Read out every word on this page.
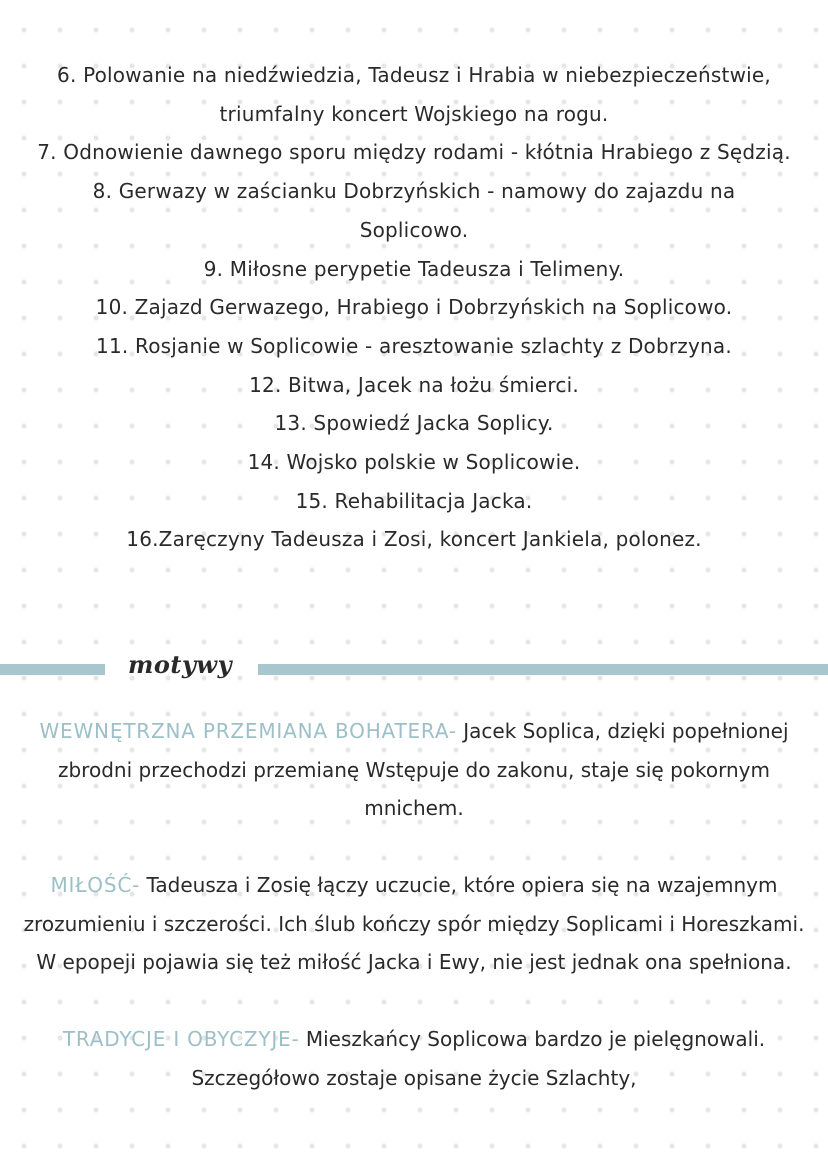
6. Polowanie na niedźwiedzia, Tadeusz i Hrabia w niebezpieczeństwie, triumfalny koncert Wojskiego na rogu.
7. Odnowienie dawnego sporu między rodami - kłótnia Hrabiego z Sędzią.
8. Gerwazy w zaścianku Dobrzyńskich - namowy do zajazdu na Soplicowo.
9. Miłosne perypetie Tadeusza i Telimeny.
10. Zajazd Gerwazego, Hrabiego i Dobrzyńskich na Soplicowo.
11. Rosjanie w Soplicowie - aresztowanie szlachty z Dobrzyna.
12. Bitwa, Jacek na łożu śmierci.
13. Spowiedź Jacka Soplicy.
14. Wojsko polskie w Soplicowie.
15. Rehabilitacja Jacka.
16.Zaręczyny Tadeusza i Zosi, koncert Jankiela, polonez.
motywy

WEWNĘTRZNA PRZEMIANA BOHATERA- Jacek Soplica, dzięki popełnionej zbrodni przechodzi przemianę Wstępuje do zakonu, staje się pokornym mnichem.

MIŁOŚĆ- Tadeusza i Zosię łączy uczucie, które opiera się na wzajemnym zrozumieniu i szczerości. Ich ślub kończy spór między Soplicami i Horeszkami. W epopeji pojawia się też miłość Jacka i Ewy, nie jest jednak ona spełniona.

TRADYCJE I OBYCZYJE- Mieszkańcy Soplicowa bardzo je pielęgnowali. Szczegółowo zostaje opisane życie Szlachty,
